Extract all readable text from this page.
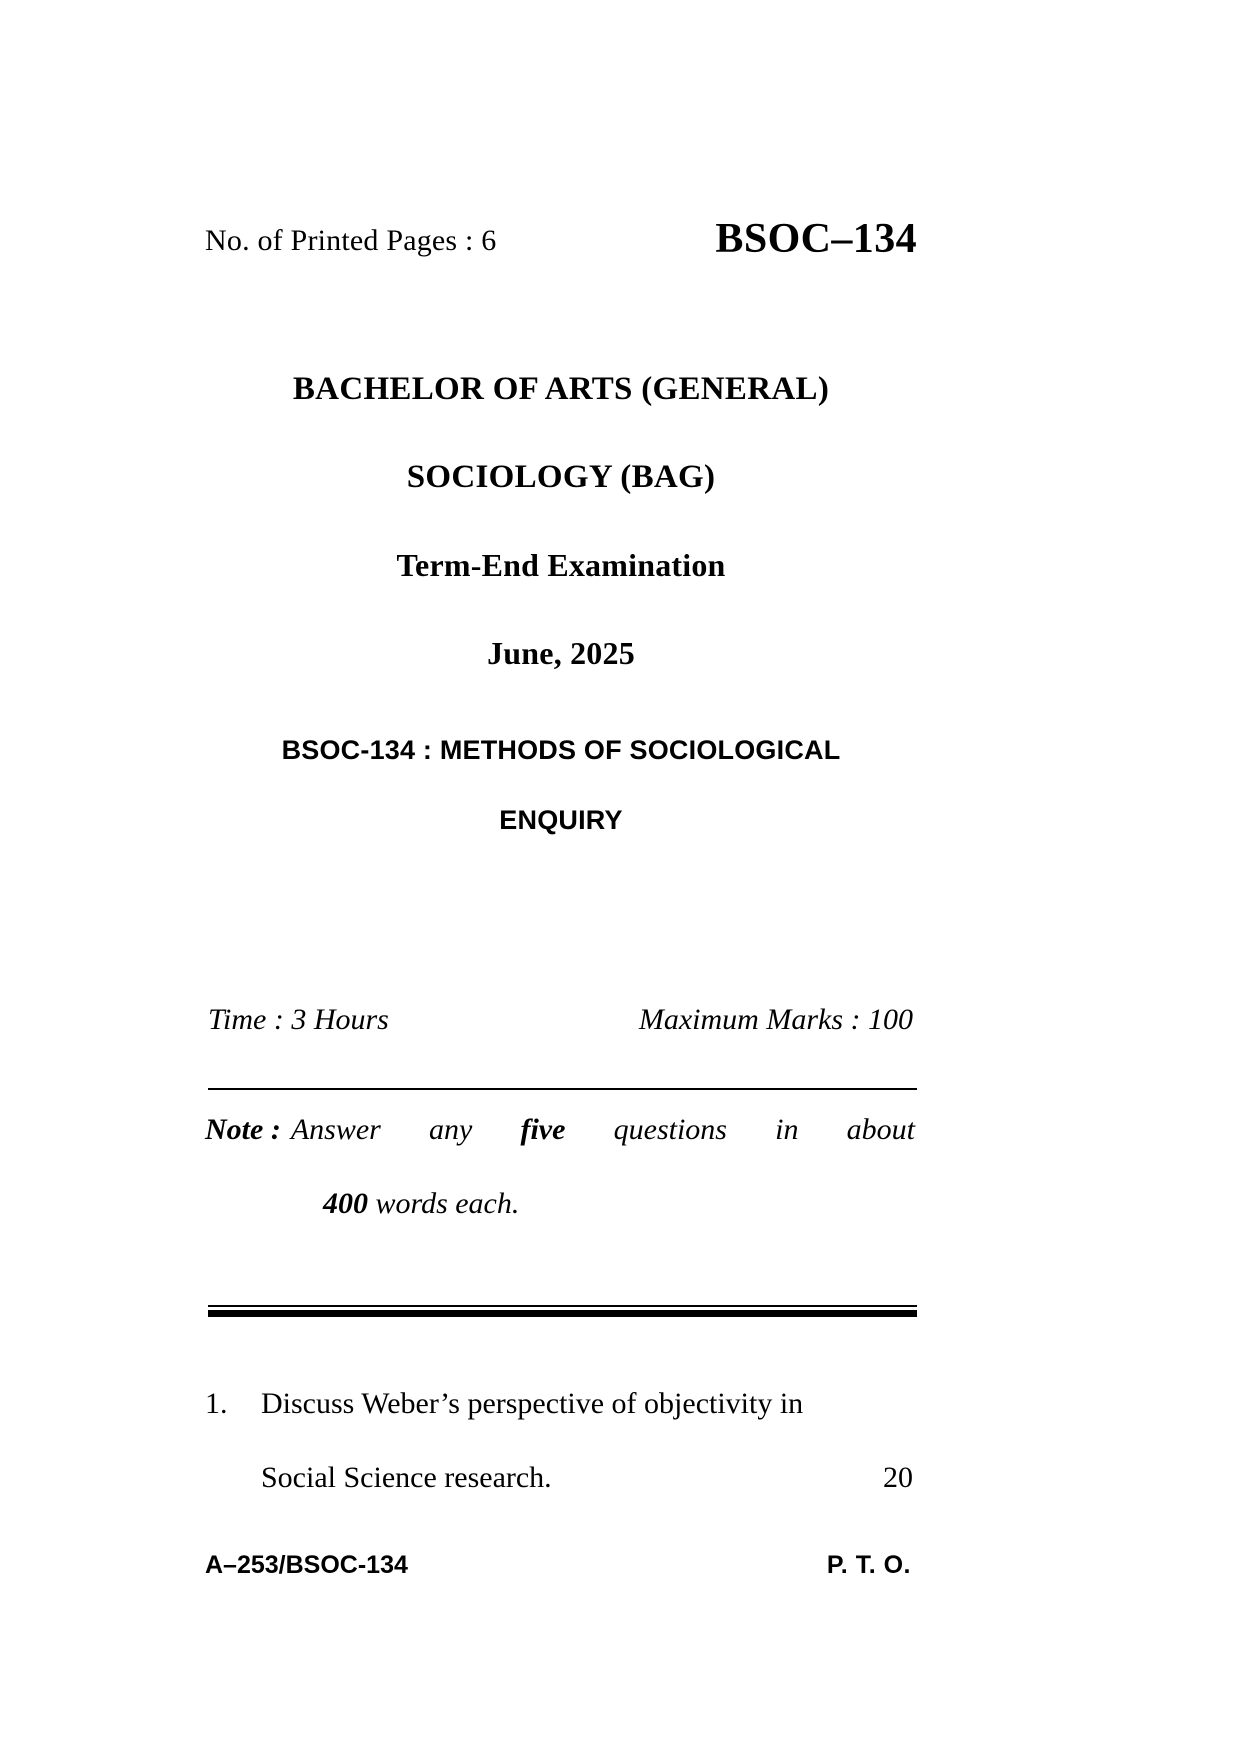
No. of Printed Pages : 6	BSOC–134
BACHELOR OF ARTS (GENERAL)
SOCIOLOGY (BAG)
Term-End Examination
June, 2025
BSOC-134 : METHODS OF SOCIOLOGICAL
ENQUIRY
Time : 3 Hours	Maximum Marks : 100
Note : Answer any five questions in about
400 words each.
1.	Discuss Weber’s perspective of objectivity in
Social Science research.	20
A–253/BSOC-134	P. T. O.
